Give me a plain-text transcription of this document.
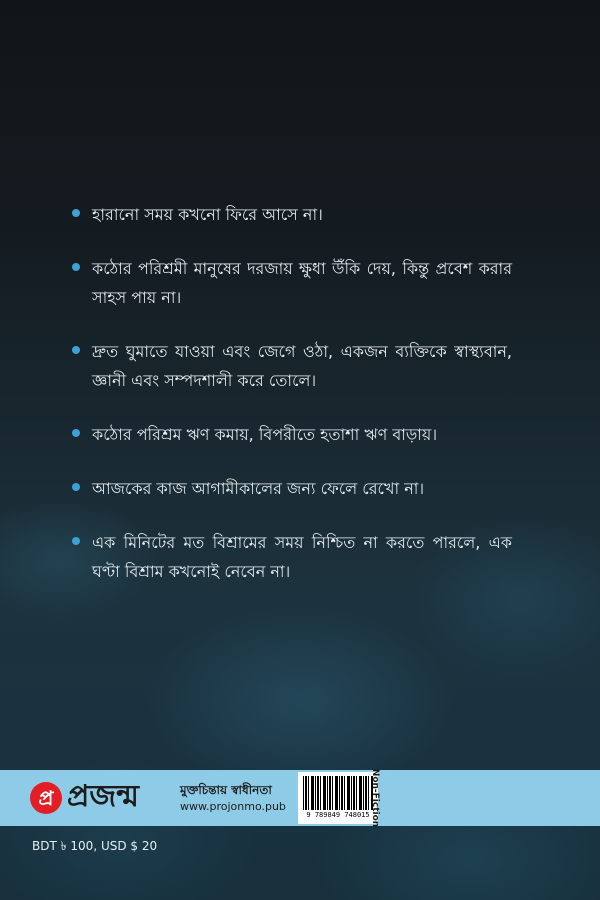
হারানো সময় কখনো ফিরে আসে না।
কঠোর পরিশ্রমী মানুষের দরজায় ক্ষুধা উঁকি দেয়, কিন্তু প্রবেশ করার সাহস পায় না।
দ্রুত ঘুমাতে যাওয়া এবং জেগে ওঠা, একজন ব্যক্তিকে স্বাস্থ্যবান, জ্ঞানী এবং সম্পদশালী করে তোলে।
কঠোর পরিশ্রম ঋণ কমায়, বিপরীতে হতাশা ঋণ বাড়ায়।
আজকের কাজ আগামীকালের জন্য ফেলে রেখো না।
এক মিনিটের মত বিশ্রামের সময় নিশ্চিত না করতে পারলে, এক ঘণ্টা বিশ্রাম কখনোই নেবেন না।
প্র প্রজন্ম	মুক্তচিন্তায় স্বাধীনতা
www.projonmo.pub
9 789849 748015 Non-Fiction
BDT ৳ 100, USD $ 20
